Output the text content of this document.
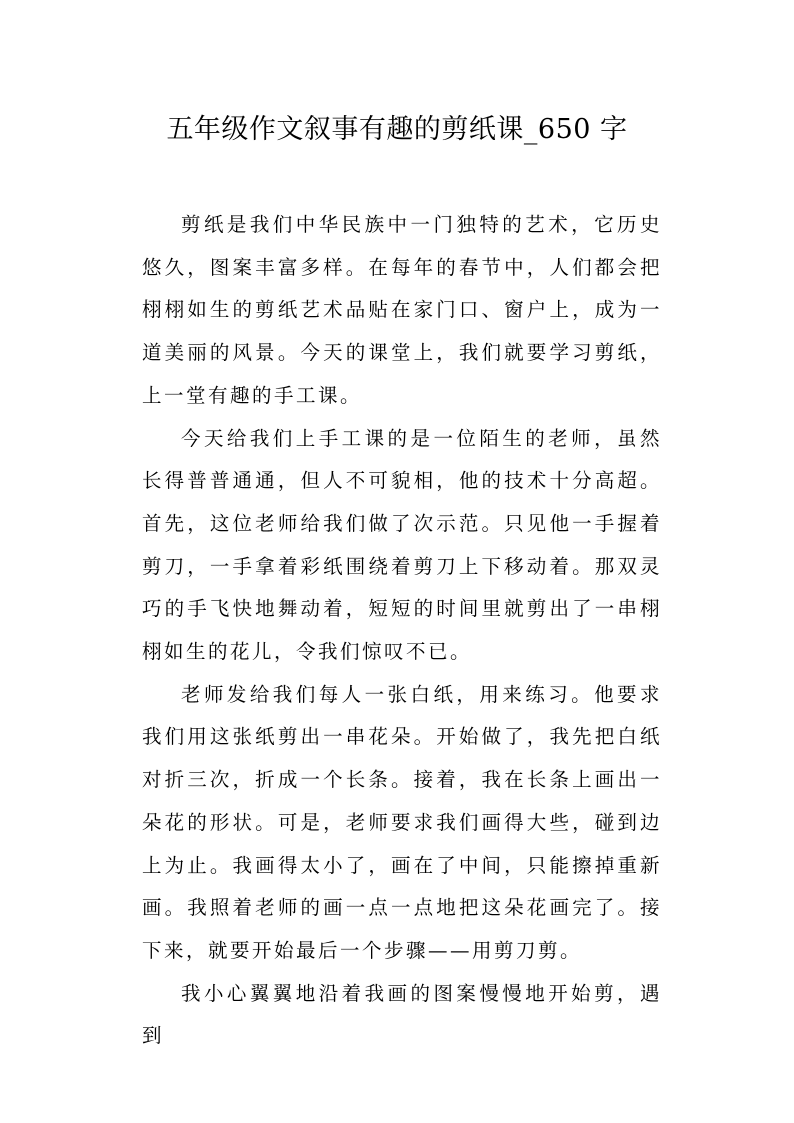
五年级作文叙事有趣的剪纸课_650 字

剪纸是我们中华民族中一门独特的艺术，它历史悠久，图案丰富多样。在每年的春节中，人们都会把栩栩如生的剪纸艺术品贴在家门口、窗户上，成为一道美丽的风景。今天的课堂上，我们就要学习剪纸，上一堂有趣的手工课。

今天给我们上手工课的是一位陌生的老师，虽然长得普普通通，但人不可貌相，他的技术十分高超。首先，这位老师给我们做了次示范。只见他一手握着剪刀，一手拿着彩纸围绕着剪刀上下移动着。那双灵巧的手飞快地舞动着，短短的时间里就剪出了一串栩栩如生的花儿，令我们惊叹不已。

老师发给我们每人一张白纸，用来练习。他要求我们用这张纸剪出一串花朵。开始做了，我先把白纸对折三次，折成一个长条。接着，我在长条上画出一朵花的形状。可是，老师要求我们画得大些，碰到边上为止。我画得太小了，画在了中间，只能擦掉重新画。我照着老师的画一点一点地把这朵花画完了。接下来，就要开始最后一个步骤——用剪刀剪。

我小心翼翼地沿着我画的图案慢慢地开始剪，遇到
